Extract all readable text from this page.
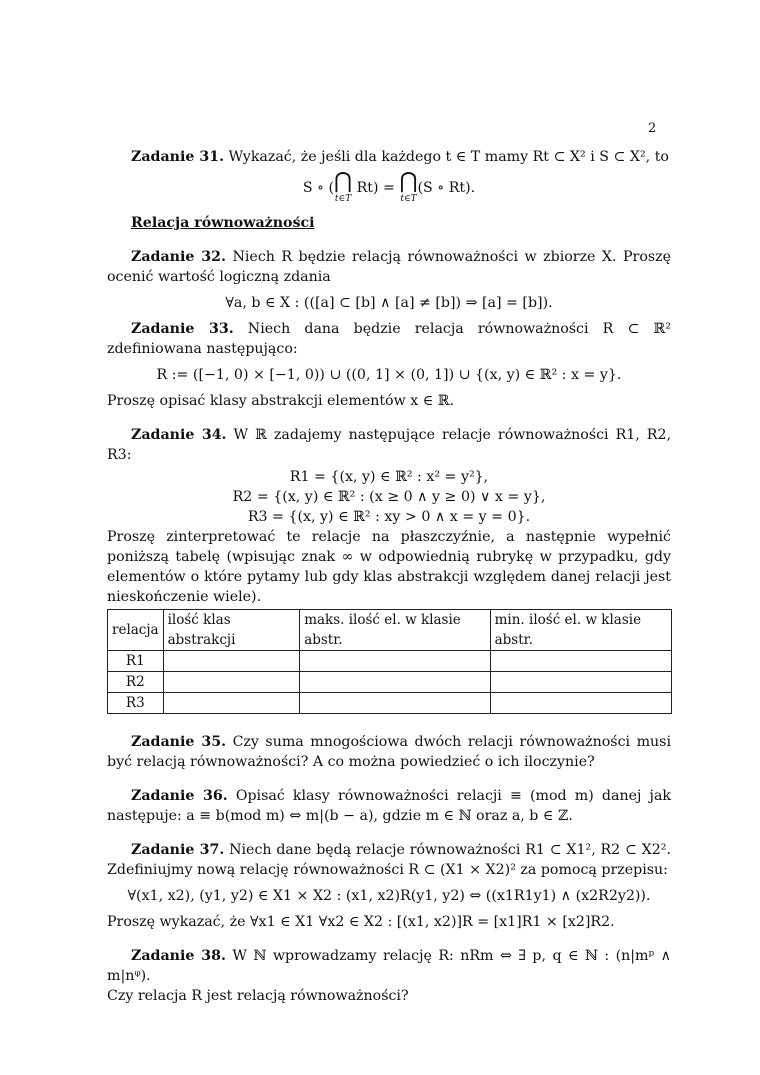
2

Zadanie 31. Wykazać, że jeśli dla każdego t ∈ T mamy Rt ⊂ X² i S ⊂ X², to

S ∘ ( ⋂
t∈T
Rt) = ⋂
t∈T
(S ∘ Rt).

Relacja równoważności

Zadanie 32. Niech R będzie relacją równoważności w zbiorze X. Proszę ocenić wartość logiczną zdania

∀a, b ∈ X : (([a] ⊂ [b] ∧ [a] ≠ [b]) ⇒ [a] = [b]).

Zadanie 33. Niech dana będzie relacja równoważności R ⊂ ℝ² zdefiniowana następująco:

R := ([−1, 0) × [−1, 0)) ∪ ((0, 1] × (0, 1]) ∪ {(x, y) ∈ ℝ² : x = y}.

Proszę opisać klasy abstrakcji elementów x ∈ ℝ.

Zadanie 34. W ℝ zadajemy następujące relacje równoważności R1, R2, R3:

R1 = {(x, y) ∈ ℝ² : x² = y²},
R2 = {(x, y) ∈ ℝ² : (x ≥ 0 ∧ y ≥ 0) ∨ x = y},
R3 = {(x, y) ∈ ℝ² : xy > 0 ∧ x = y = 0}.

Proszę zinterpretować te relacje na płaszczyźnie, a następnie wypełnić poniższą tabelę (wpisując znak ∞ w odpowiednią rubrykę w przypadku, gdy elementów o które pytamy lub gdy klas abstrakcji względem danej relacji jest nieskończenie wiele).

relacja	ilość klas abstrakcji	maks. ilość el. w klasie abstr.	min. ilość el. w klasie abstr.
R1			
R2			
R3			

Zadanie 35. Czy suma mnogościowa dwóch relacji równoważności musi być relacją równoważności? A co można powiedzieć o ich iloczynie?

Zadanie 36. Opisać klasy równoważności relacji ≡ (mod m) danej jak następuje: a ≡ b(mod m) ⇔ m|(b − a), gdzie m ∈ ℕ oraz a, b ∈ ℤ.

Zadanie 37. Niech dane będą relacje równoważności R1 ⊂ X1², R2 ⊂ X2². Zdefiniujmy nową relację równoważności R ⊂ (X1 × X2)² za pomocą przepisu:

∀(x1, x2), (y1, y2) ∈ X1 × X2 : (x1, x2)R(y1, y2) ⇔ ((x1R1y1) ∧ (x2R2y2)).

Proszę wykazać, że ∀x1 ∈ X1 ∀x2 ∈ X2 : [(x1, x2)]R = [x1]R1 × [x2]R2.

Zadanie 38. W ℕ wprowadzamy relację R: nRm ⇔ ∃ p, q ∈ ℕ : (n|mᵖ ∧ m|nᵠ).

Czy relacja R jest relacją równoważności?
